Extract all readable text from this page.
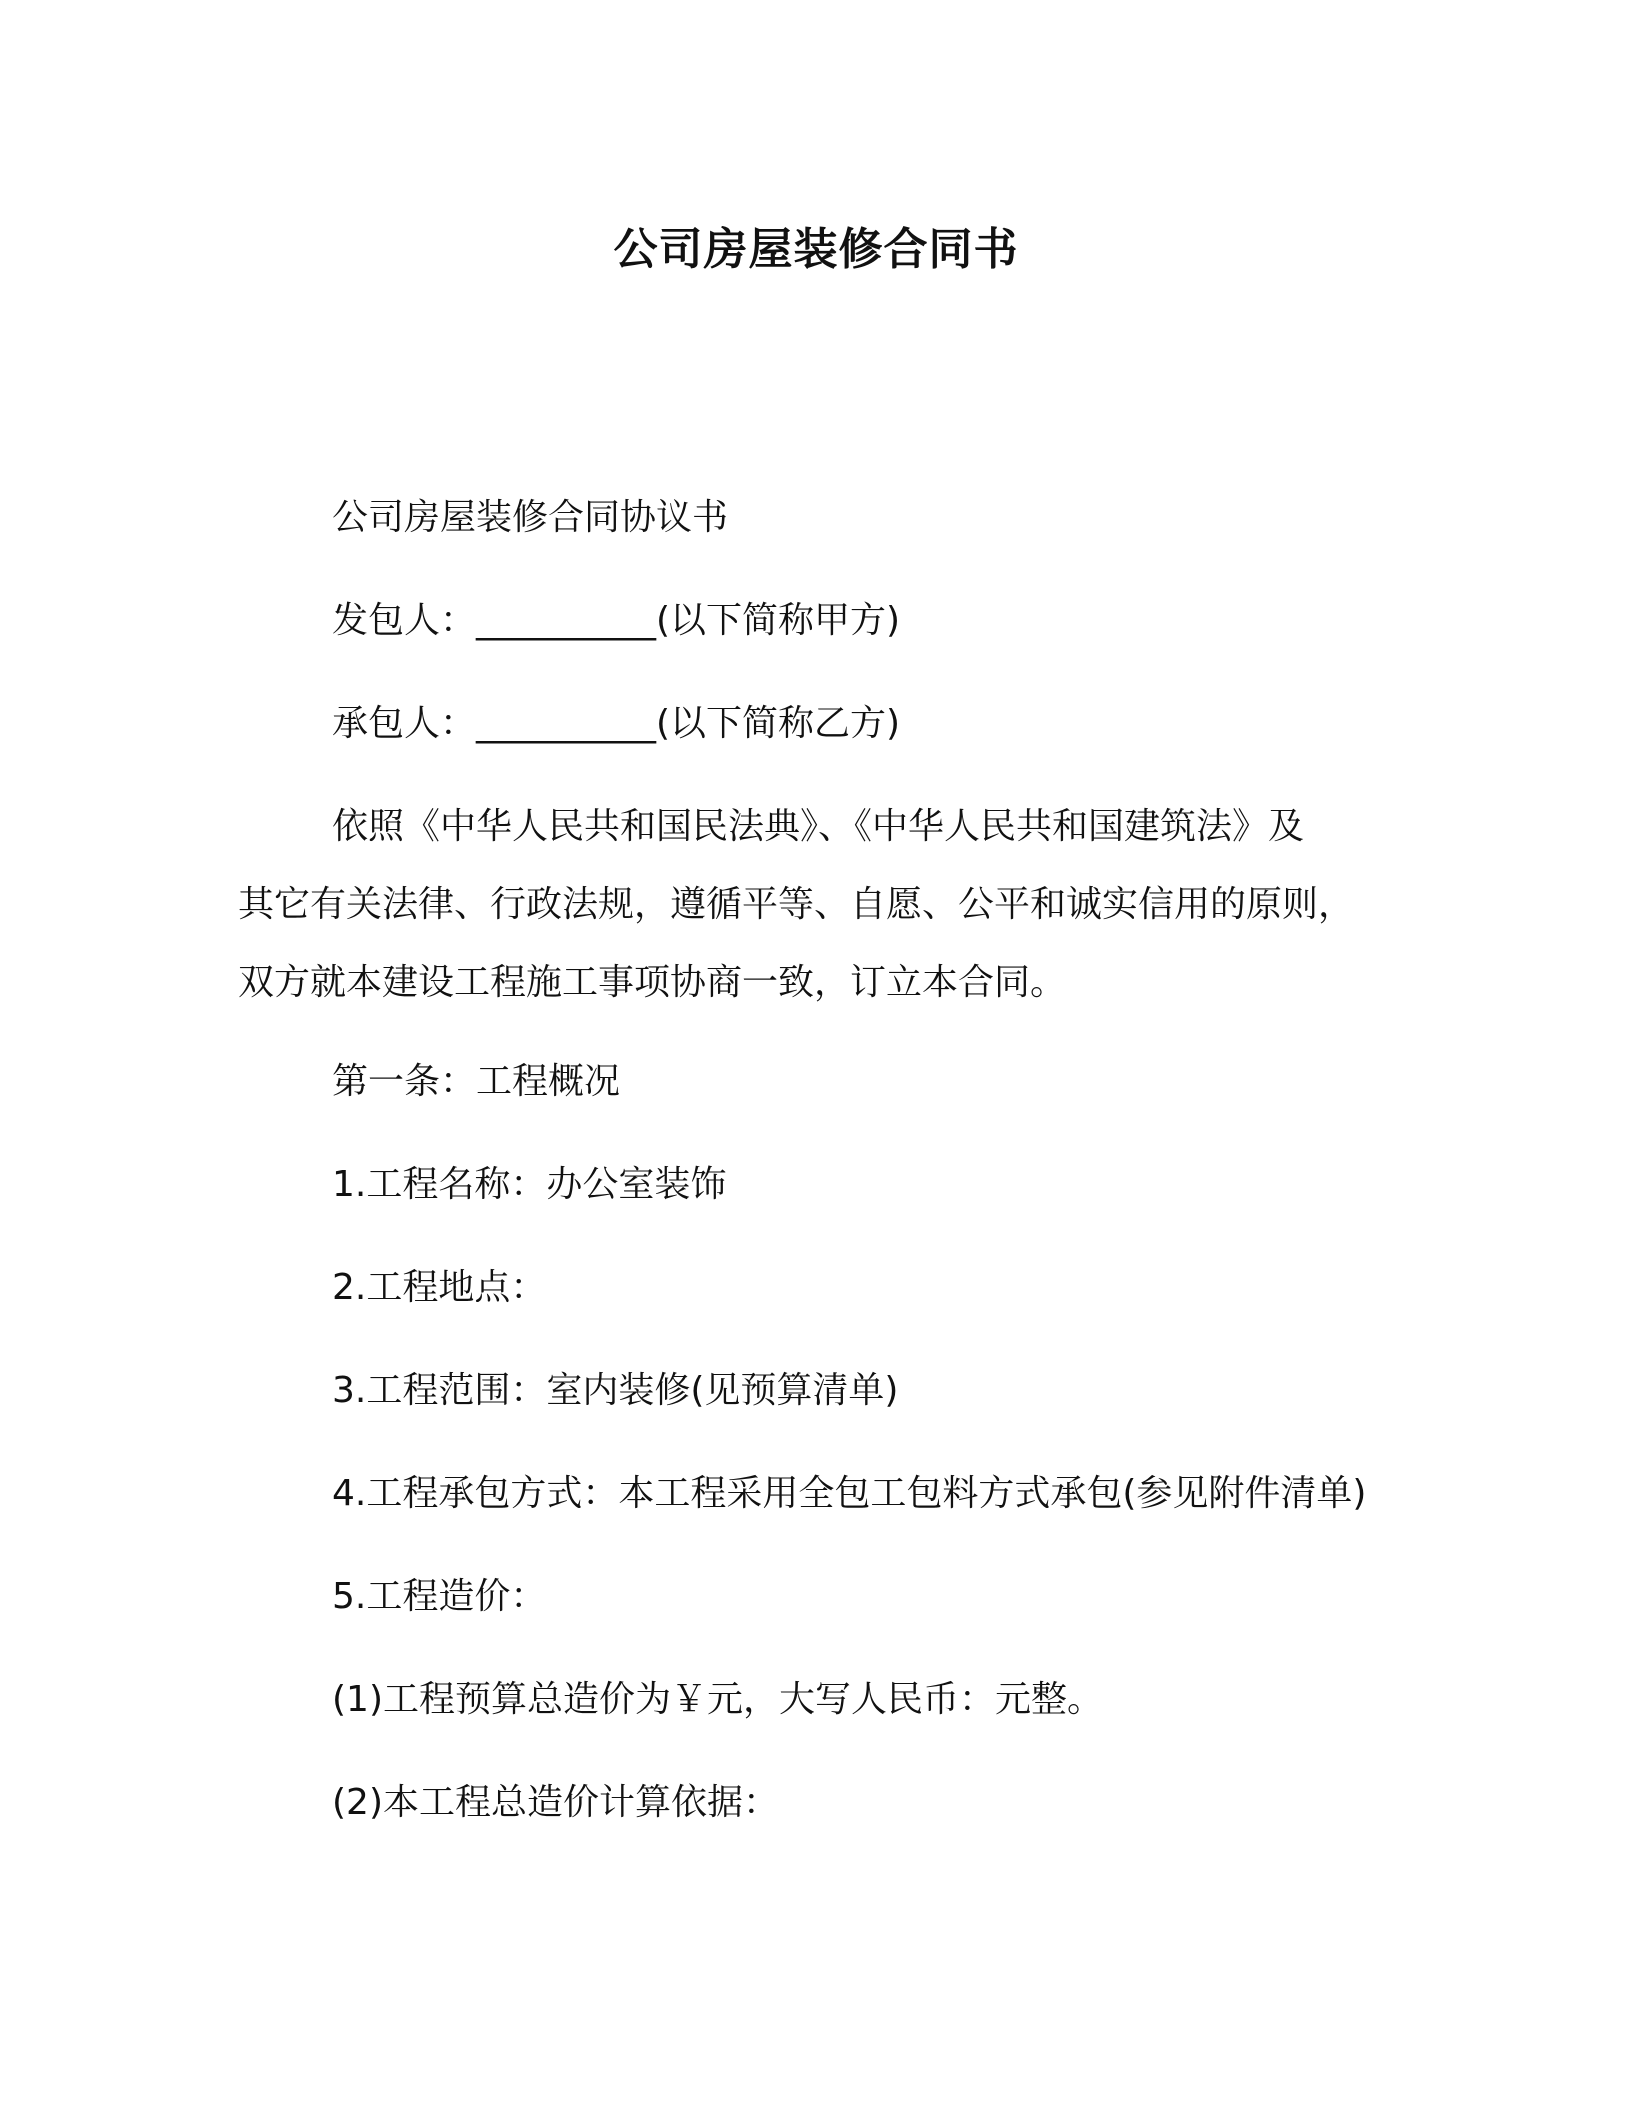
公司房屋装修合同书
公司房屋装修合同协议书
发包人：__________(以下简称甲方)
承包人：__________(以下简称乙方)
依照《中华人民共和国民法典》、《中华人民共和国建筑法》及
其它有关法律、行政法规，遵循平等、自愿、公平和诚实信用的原则，
双方就本建设工程施工事项协商一致，订立本合同。
第一条：工程概况
1.工程名称：办公室装饰
2.工程地点：
3.工程范围：室内装修(见预算清单)
4.工程承包方式：本工程采用全包工包料方式承包(参见附件清单)
5.工程造价：
(1)工程预算总造价为￥元，大写人民币：元整。
(2)本工程总造价计算依据：
